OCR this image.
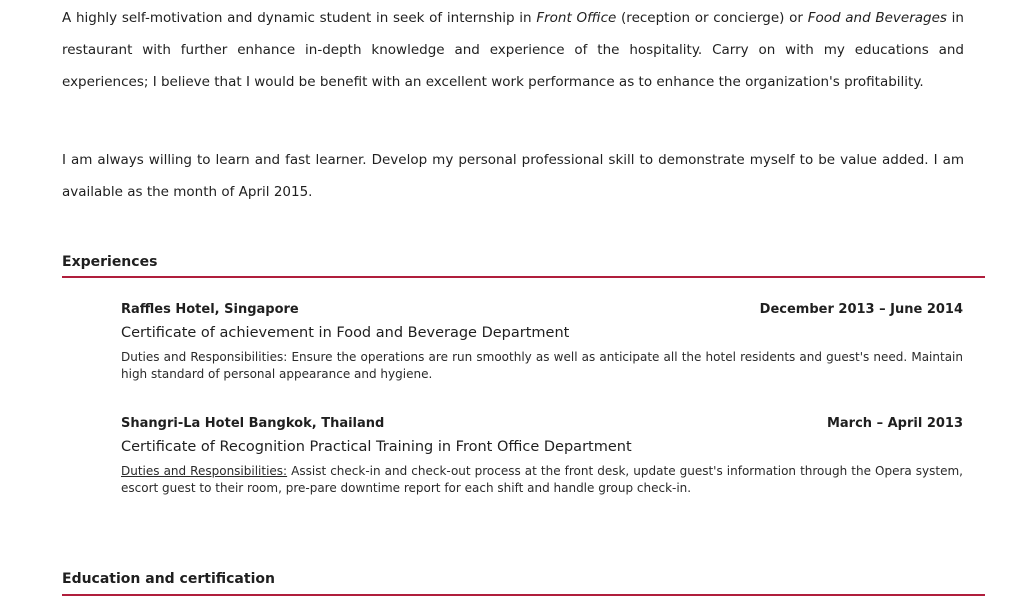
A highly self-motivation and dynamic student in seek of internship in Front Office (reception or concierge) or Food and Beverages in restaurant with further enhance in-depth knowledge and experience of the hospitality. Carry on with my educations and experiences; I believe that I would be benefit with an excellent work performance as to enhance the organization's profitability.

I am always willing to learn and fast learner. Develop my personal professional skill to demonstrate myself to be value added. I am available as the month of April 2015.

Experiences
Raffles Hotel, Singapore	December 2013 – June 2014
Certificate of achievement in Food and Beverage Department
Duties and Responsibilities: Ensure the operations are run smoothly as well as anticipate all the hotel residents and guest's need. Maintain high standard of personal appearance and hygiene.
Shangri-La Hotel Bangkok, Thailand	March – April 2013
Certificate of Recognition Practical Training in Front Office Department
Duties and Responsibilities: Assist check-in and check-out process at the front desk, update guest's information through the Opera system, escort guest to their room, pre-pare downtime report for each shift and handle group check-in.
Education and certification
